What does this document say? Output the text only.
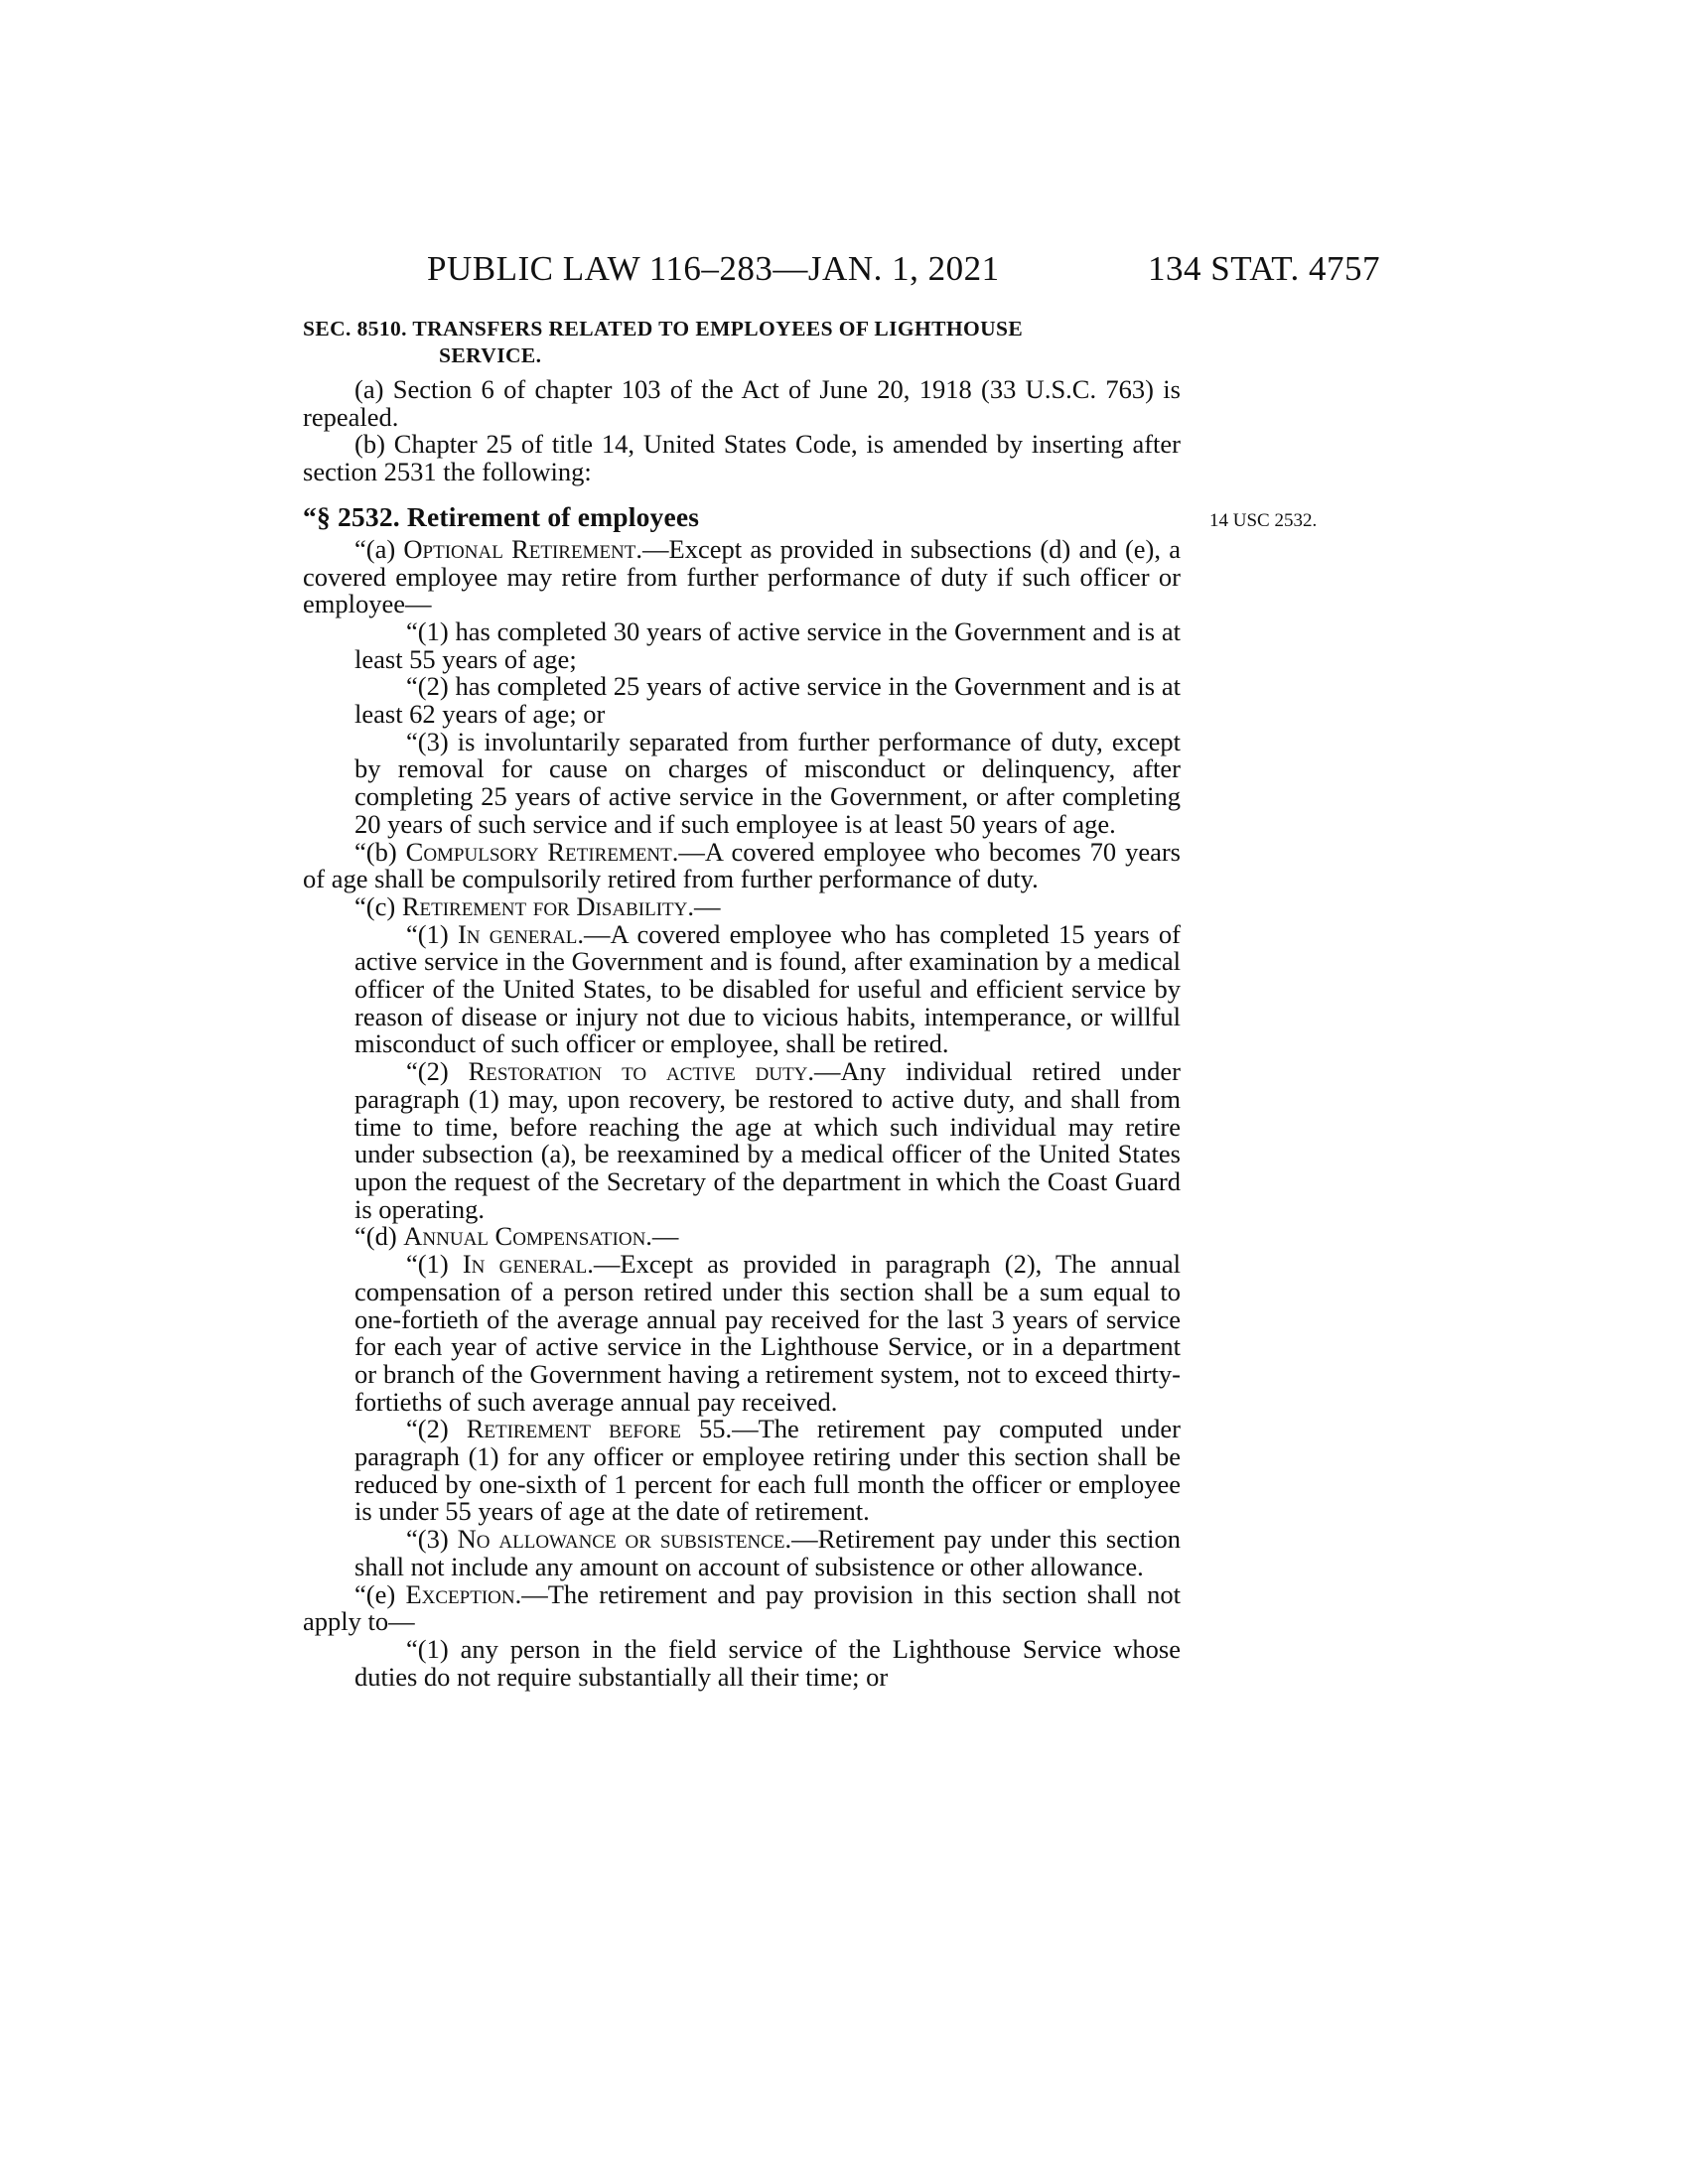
PUBLIC LAW 116–283—JAN. 1, 2021	134 STAT. 4757
SEC. 8510. TRANSFERS RELATED TO EMPLOYEES OF LIGHTHOUSE
SERVICE.
14 USC 2532.

(a) Section 6 of chapter 103 of the Act of June 20, 1918 (33 U.S.C. 763) is repealed.

(b) Chapter 25 of title 14, United States Code, is amended by inserting after section 2531 the following:

“§ 2532. Retirement of employees

“(a) Optional Retirement.—Except as provided in subsections (d) and (e), a covered employee may retire from further performance of duty if such officer or employee—

“(1) has completed 30 years of active service in the Government and is at least 55 years of age;

“(2) has completed 25 years of active service in the Government and is at least 62 years of age; or

“(3) is involuntarily separated from further performance of duty, except by removal for cause on charges of misconduct or delinquency, after completing 25 years of active service in the Government, or after completing 20 years of such service and if such employee is at least 50 years of age.

“(b) Compulsory Retirement.—A covered employee who becomes 70 years of age shall be compulsorily retired from further performance of duty.

“(c) Retirement for Disability.—

“(1) In general.—A covered employee who has completed 15 years of active service in the Government and is found, after examination by a medical officer of the United States, to be disabled for useful and efficient service by reason of disease or injury not due to vicious habits, intemperance, or willful misconduct of such officer or employee, shall be retired.

“(2) Restoration to active duty.—Any individual retired under paragraph (1) may, upon recovery, be restored to active duty, and shall from time to time, before reaching the age at which such individual may retire under subsection (a), be reexamined by a medical officer of the United States upon the request of the Secretary of the department in which the Coast Guard is operating.

“(d) Annual Compensation.—

“(1) In general.—Except as provided in paragraph (2), The annual compensation of a person retired under this section shall be a sum equal to one-fortieth of the average annual pay received for the last 3 years of service for each year of active service in the Lighthouse Service, or in a department or branch of the Government having a retirement system, not to exceed thirty-fortieths of such average annual pay received.

“(2) Retirement before 55.—The retirement pay computed under paragraph (1) for any officer or employee retiring under this section shall be reduced by one-sixth of 1 percent for each full month the officer or employee is under 55 years of age at the date of retirement.

“(3) No allowance or subsistence.—Retirement pay under this section shall not include any amount on account of subsistence or other allowance.

“(e) Exception.—The retirement and pay provision in this section shall not apply to—

“(1) any person in the field service of the Lighthouse Service whose duties do not require substantially all their time; or
